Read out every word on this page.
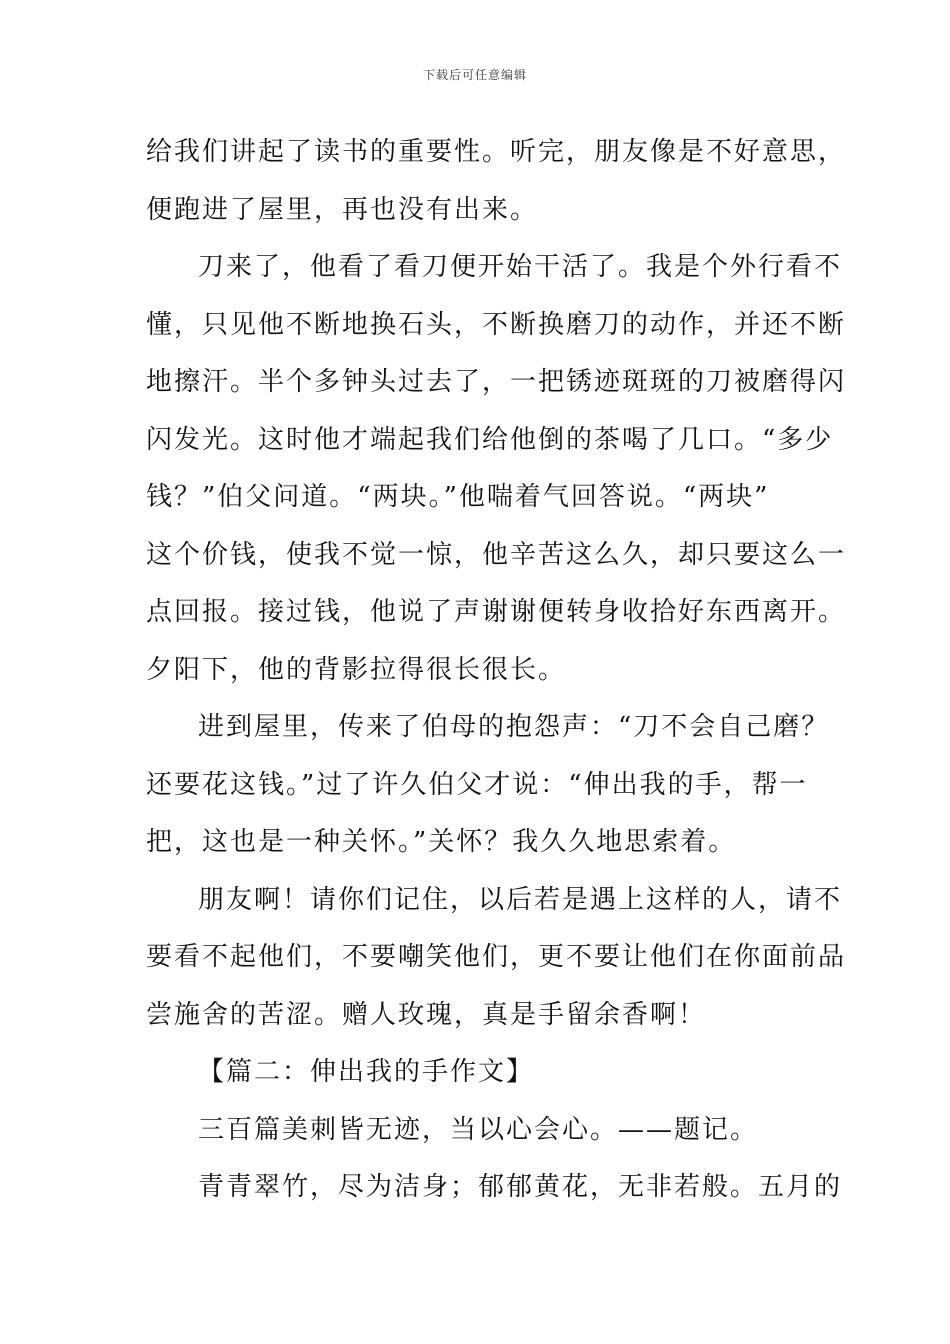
下载后可任意编辑
给我们讲起了读书的重要性。听完，朋友像是不好意思，
便跑进了屋里，再也没有出来。
刀来了，他看了看刀便开始干活了。我是个外行看不
懂，只见他不断地换石头，不断换磨刀的动作，并还不断
地擦汗。半个多钟头过去了，一把锈迹斑斑的刀被磨得闪
闪发光。这时他才端起我们给他倒的茶喝了几口。“多少
钱？”伯父问道。“两块。”他喘着气回答说。“两块”
这个价钱，使我不觉一惊，他辛苦这么久，却只要这么一
点回报。接过钱，他说了声谢谢便转身收拾好东西离开。
夕阳下，他的背影拉得很长很长。
进到屋里，传来了伯母的抱怨声：“刀不会自己磨？
还要花这钱。”过了许久伯父才说：“伸出我的手，帮一
把，这也是一种关怀。”关怀？我久久地思索着。
朋友啊！请你们记住，以后若是遇上这样的人，请不
要看不起他们，不要嘲笑他们，更不要让他们在你面前品
尝施舍的苦涩。赠人玫瑰，真是手留余香啊！
【篇二：伸出我的手作文】
三百篇美刺皆无迹，当以心会心。——题记。
青青翠竹，尽为洁身；郁郁黄花，无非若般。五月的
